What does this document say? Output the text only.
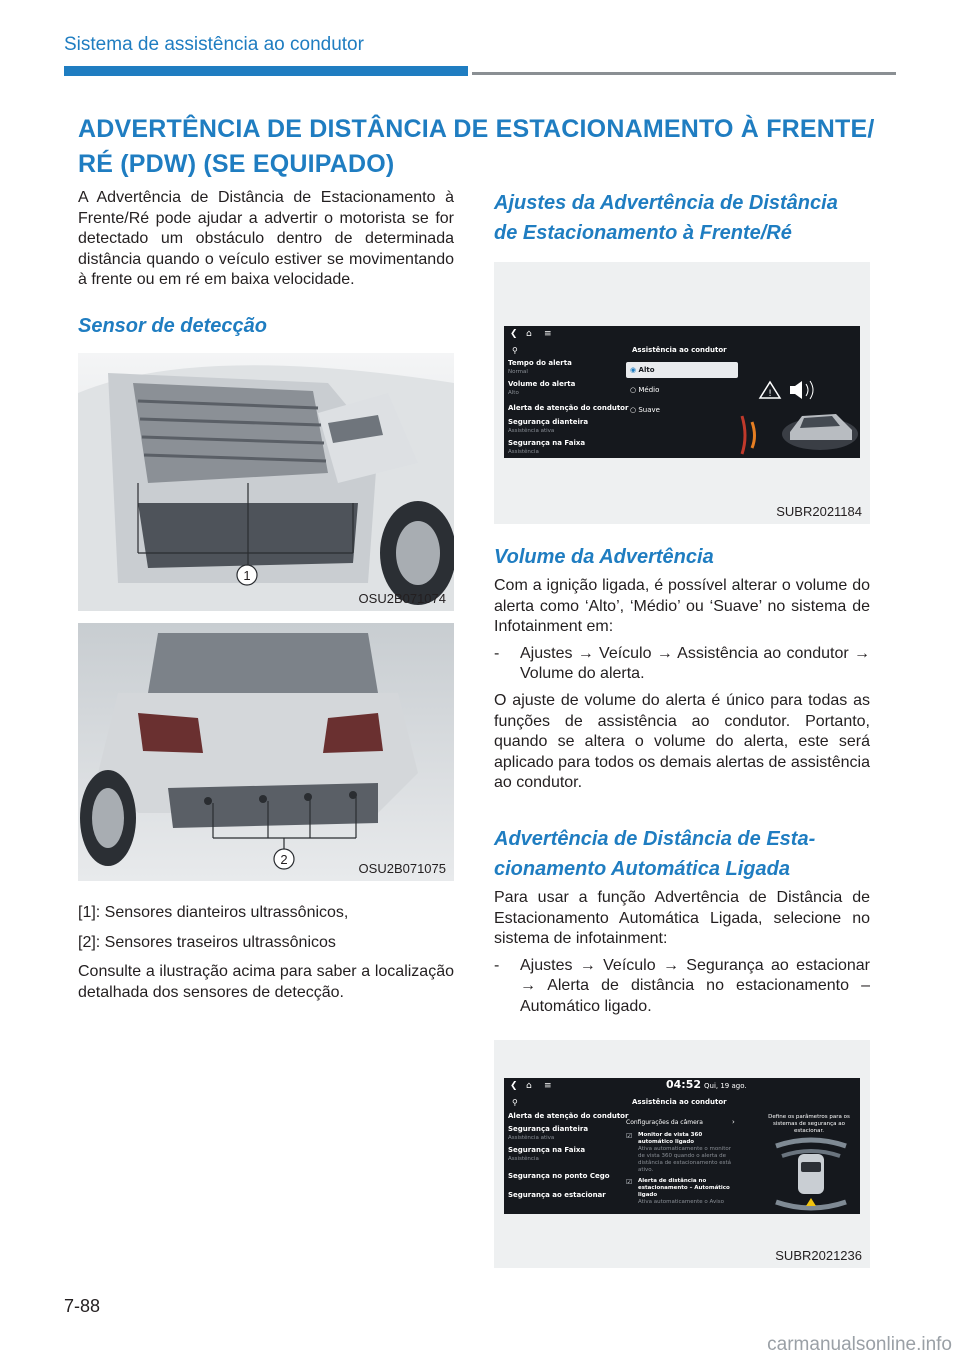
Sistema de assistência ao condutor
ADVERTÊNCIA DE DISTÂNCIA DE ESTACIONAMENTO À FRENTE/
RÉ (PDW) (SE EQUIPADO)

A Advertência de Distância de Estacionamento à Frente/Ré pode ajudar a advertir o motorista se for detectado um obstáculo dentro de determinada distância quando o veículo estiver se movimentando à frente ou em ré em baixa velocidade.

Sensor de detecção
1
OSU2B071074
2
OSU2B071075

[1]: Sensores dianteiros ultrassônicos,

[2]: Sensores traseiros ultrassônicos

Consulte a ilustração acima para saber a localização detalhada dos sensores de detecção.

Ajustes da Advertência de Distância
de Estacionamento à Frente/Ré
❮ ⌂ ≡
⚲	Assistência ao condutor
Tempo do alerta
Normal
Volume do alerta
Alto
Alerta de atenção do condutor
Segurança dianteira
Assistência ativa
Segurança na Faixa
Assistência
◉ Alto
○ Médio
○ Suave
!
SUBR2021184
Volume da Advertência

Com a ignição ligada, é possível alterar o volume do alerta como ‘Alto’, ‘Médio’ ou ‘Suave’ no sistema de Infotainment em:

- Ajustes → Veículo → Assistência ao condutor → Volume do alerta.

O ajuste de volume do alerta é único para todas as funções de assistência ao condutor. Portanto, quando se altera o volume do alerta, este será aplicado para todos os demais alertas de assistência ao condutor.

Advertência de Distância de Esta-
cionamento Automática Ligada

Para usar a função Advertência de Distância de Estacionamento Automática Ligada, selecione no sistema de infotainment:

- Ajustes → Veículo → Segurança ao estacionar → Alerta de distância no estacionamento – Automático ligado.

❮ ⌂ ≡	04:52 Qui, 19 ago.
⚲	Assistência ao condutor
Alerta de atenção do condutor
Segurança dianteira
Assistência ativa
Segurança na Faixa
Assistência
Segurança no ponto Cego
Segurança ao estacionar
Configurações da câmera	›
☑ Monitor de vista 360 automático ligado
Ativa automaticamente o monitor de vista 360 quando o alerta de distância de estacionamento está ativo.
☑ Alerta de distância no estacionamento – Automático ligado
Ativa automaticamente o Aviso
Define os parâmetros para os sistemas de segurança ao estacionar.
SUBR2021236
7-88
carmanualsonline.info
